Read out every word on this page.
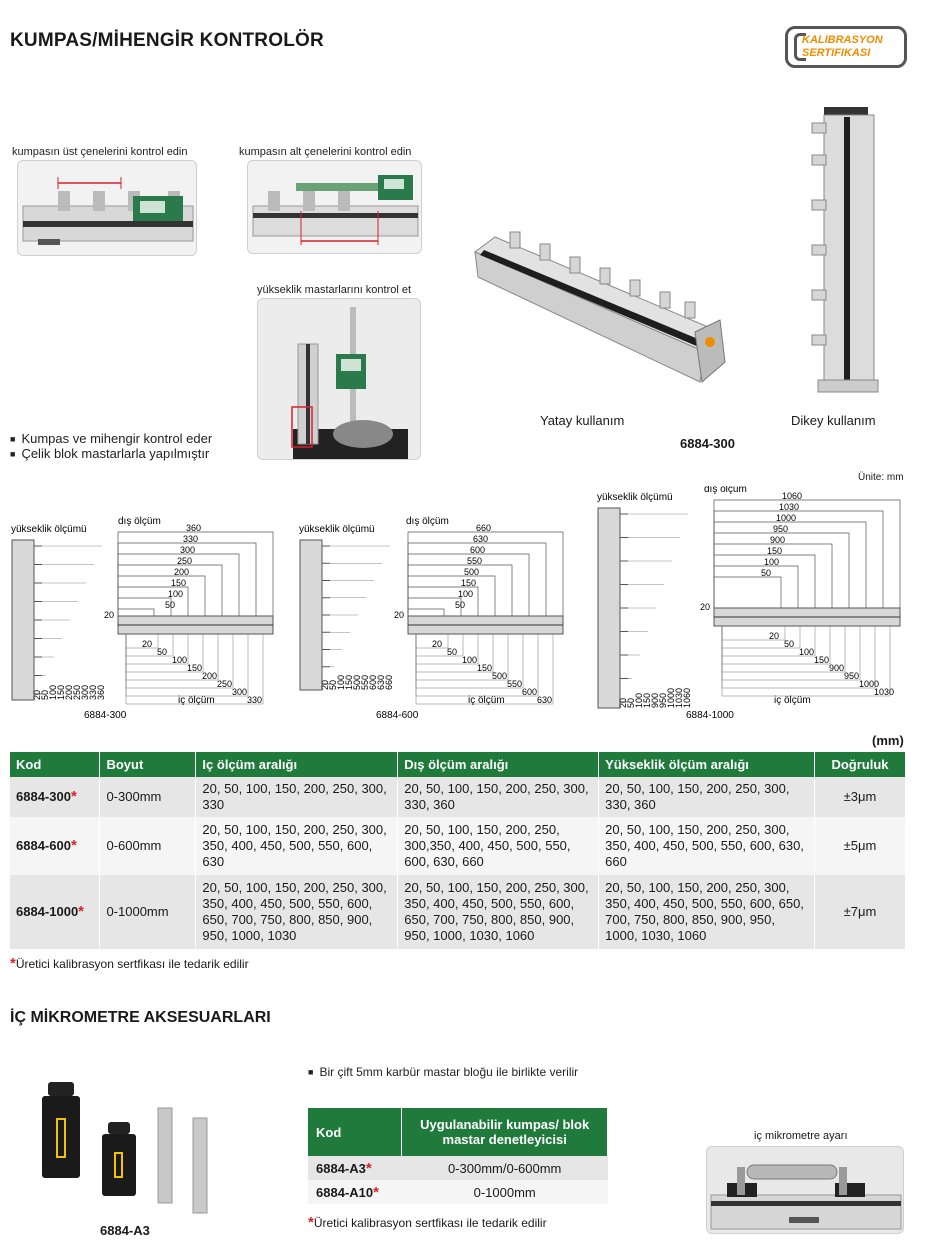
KUMPAS/MİHENGİR KONTROLÖR	KALIBRASYON
SERTIFIKASI
kumpasın üst çenelerini kontrol edin	kumpasın alt çenelerini kontrol edin
yükseklik mastarlarını kontrol et
Yatay kullanım
6884-300
Dikey kullanım
■ Kumpas ve mihengir kontrol eder
■ Çelik blok mastarlarla yapılmıştır
Ünite: mm
yükseklik ölçümü
dış ölçüm
360
330
300
250
200
150
100
50
20
360
330
300
250
200
150
100
50
20
330
300
250
200
150
100
50
20
iç ölçüm
6884-300
yükseklik ölçümü
dış ölçüm
660
630
600
550
500
150
100
50
20
660
630
600
550
500
150
100
50
20
630
600
550
500
150
100
50
20
iç ölçüm
6884-600
yükseklik ölçümü
dış ölçüm
1060
1030
1000
950
900
150
100
50
20
1060
1030
1000
950
900
150
100
50
20
1030
1000
950
900
150
100
50
20
iç ölçüm
6884-1000
(mm)
Kod	Boyut	Iç ölçüm aralığı	Dış ölçüm aralığı	Yükseklik ölçüm aralığı	Doğruluk
6884-300*	0-300mm	20, 50, 100, 150, 200, 250, 300, 330	20, 50, 100, 150, 200, 250, 300, 330, 360	20, 50, 100, 150, 200, 250, 300, 330, 360	±3μm
6884-600*	0-600mm	20, 50, 100, 150, 200, 250, 300, 350, 400, 450, 500, 550, 600, 630	20, 50, 100, 150, 200, 250, 300,350, 400, 450, 500, 550, 600, 630, 660	20, 50, 100, 150, 200, 250, 300, 350, 400, 450, 500, 550, 600, 630, 660	±5μm
6884-1000*	0-1000mm	20, 50, 100, 150, 200, 250, 300, 350, 400, 450, 500, 550, 600, 650, 700, 750, 800, 850, 900, 950, 1000, 1030	20, 50, 100, 150, 200, 250, 300, 350, 400, 450, 500, 550, 600, 650, 700, 750, 800, 850, 900, 950, 1000, 1030, 1060	20, 50, 100, 150, 200, 250, 300, 350, 400, 450, 500, 550, 600, 650, 700, 750, 800, 850, 900, 950, 1000, 1030, 1060	±7μm
*Üretici kalibrasyon sertfikası ile tedarik edilir
İÇ MİKROMETRE AKSESUARLARI
■ Bir çift 5mm karbür mastar bloğu ile birlikte verilir
6884-A3
Kod	Uygulanabilir kumpas/ blok mastar denetleyicisi
6884-A3*	0-300mm/0-600mm
6884-A10*	0-1000mm
*Üretici kalibrasyon sertfikası ile tedarik edilir
iç mikrometre ayarı
